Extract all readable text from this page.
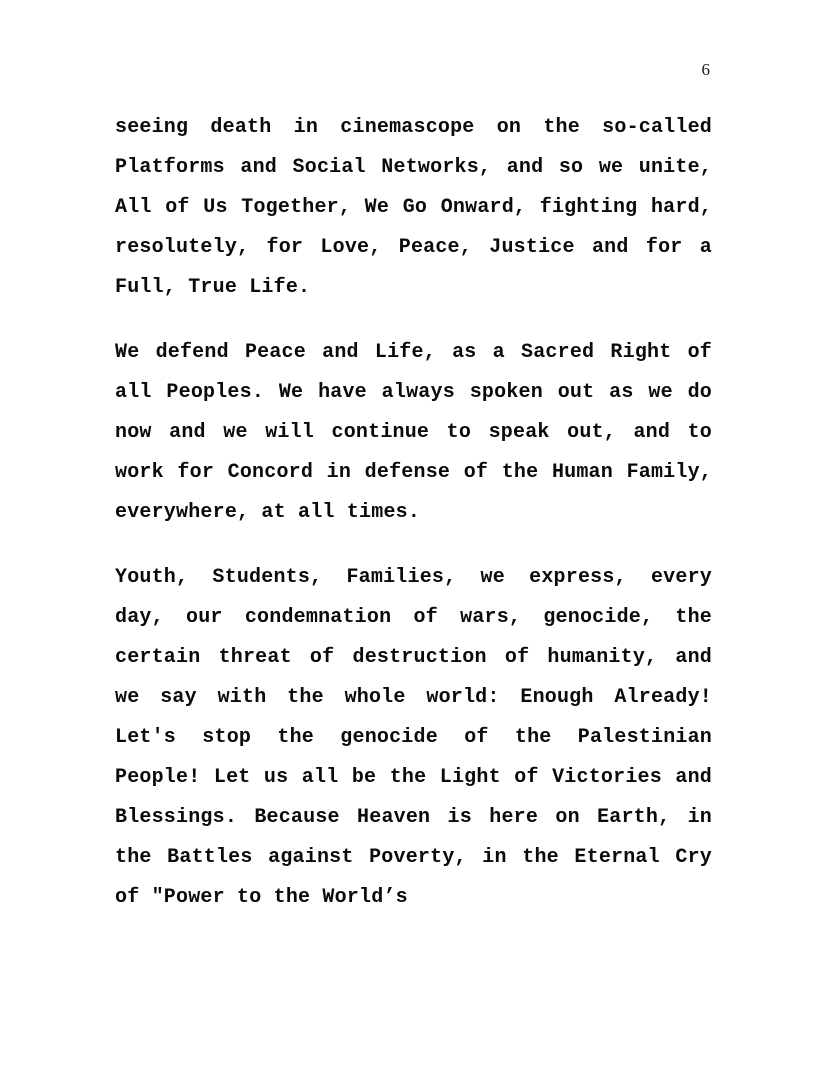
6

seeing death in cinemascope on the so-called Platforms and Social Networks, and so we unite, All of Us Together, We Go Onward, fighting hard, resolutely, for Love, Peace, Justice and for a Full, True Life.

We defend Peace and Life, as a Sacred Right of all Peoples. We have always spoken out as we do now and we will continue to speak out, and to work for Concord in defense of the Human Family, everywhere, at all times.

Youth, Students, Families, we express, every day, our condemnation of wars, genocide, the certain threat of destruction of humanity, and we say with the whole world: Enough Already! Let's stop the genocide of the Palestinian People! Let us all be the Light of Victories and Blessings. Because Heaven is here on Earth, in the Battles against Poverty, in the Eternal Cry of "Power to the World’s
